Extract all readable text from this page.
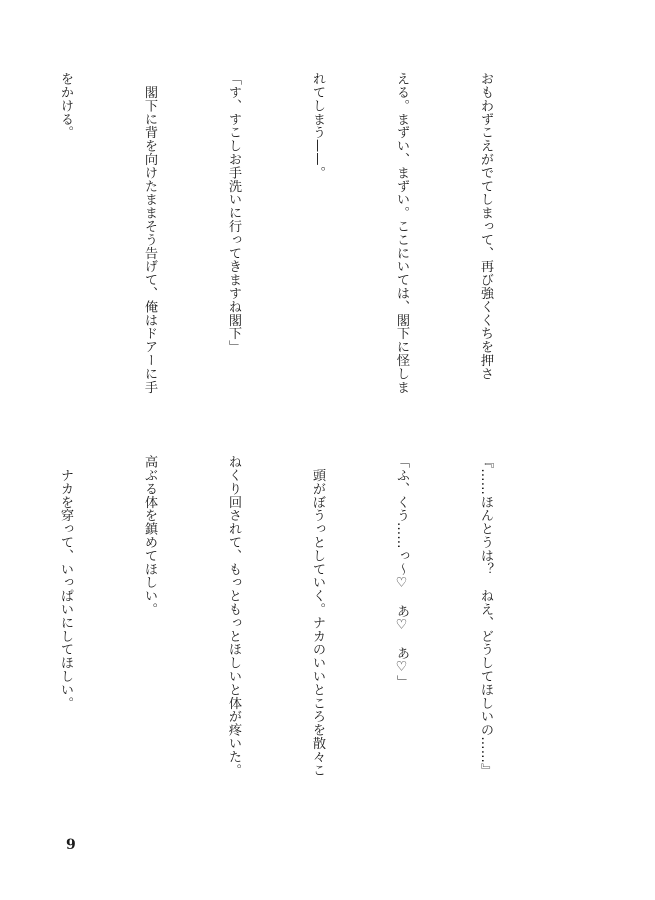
おもわずこえがでてしまって、再び強くくちを押さ

える。まずい、まずい。ここにいては、閣下に怪しま

れてしまう——。

「す、すこしお手洗いに行ってきますね閣下」

　閣下に背を向けたままそう告げて、俺はドアーに手

をかける。

『……ほんとうは？　ねえ、どうしてほしいの……』

「ふ、くう……っ〜♡　あ♡　あ♡」

　頭がぼうっとしていく。ナカのいいところを散々こ

ねくり回されて、もっともっとほしいと体が疼いた。

高ぶる体を鎮めてほしい。

　ナカを穿って、いっぱいにしてほしい。

9
